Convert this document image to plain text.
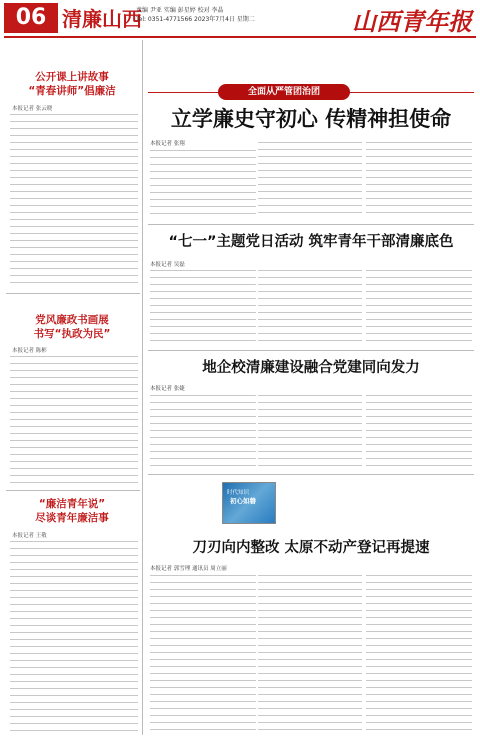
06 清廉山西
责编 尹亚 实编 彭星婷 校对 李晶
Tel: 0351-4771566 2023年7月4日 星期二	山西青年报
公开课上讲故事
“青春讲师”倡廉洁
本报记者 张云晓
党风廉政书画展
书写“执政为民”
本报记者 陈彬
“廉洁青年说”
尽谈青年廉洁事
本报记者 王敬
全面从严管团治团
立学廉史守初心 传精神担使命
本报记者 张翔
“七一”主题党日活动 筑牢青年干部清廉底色
本报记者 吴磊
地企校清廉建设融合党建同向发力
本报记者 张婕
时代知识
初心如磐
刀刃向内整改 太原不动产登记再提速
本报记者 郭雪理 通讯员 周立丽
